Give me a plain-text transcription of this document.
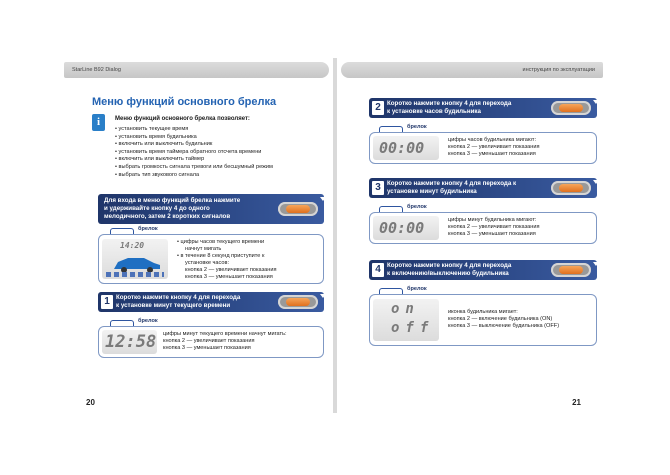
StarLine B92 Dialog
Меню функций основного брелка
i	Меню функций основного брелка позволяет:
• установить текущее время
• установить время будильника
• включить или выключить будильник
• установить время таймера обратного отсчета времени
• включить или выключить таймер
• выбрать громкость сигнала тревоги или бесшумный режим
• выбрать тип звукового сигнала
Для входа в меню функций брелка нажмите
и удерживайте кнопку 4 до одного
мелодичного, затем 2 коротких сигналов
брелок
14:20	• цифры часов текущего времени
начнут мигать
• в течение 8 секунд приступите к
установке часов:
кнопка 2 — увеличивает показания
кнопка 3 — уменьшает показания
1	Коротко нажмите кнопку 4 для перехода
к установке минут текущего времени
брелок
12:58 цифры минут текущего времени начнут мигать:
кнопка 2 — увеличивает показания
кнопка 3 — уменьшает показания
20
инструкция по эксплуатации
2	Коротко нажмите кнопку 4 для перехода
к установке часов будильника
брелок
00:00	цифры часов будильника мигают:
кнопка 2 — увеличивает показания
кнопка 3 — уменьшает показания
3	Коротко нажмите кнопку 4 для перехода к
установке минут будильника
брелок
00:00	цифры минут будильника мигают:
кнопка 2 — увеличивает показания
кнопка 3 — уменьшает показания
4	Коротко нажмите кнопку 4 для перехода
к включению/выключению будильника
брелок
on
off
иконка будильника мигает:
кнопка 2 — включение будильника (ON)
кнопка 3 — выключение будильника (OFF)
21
